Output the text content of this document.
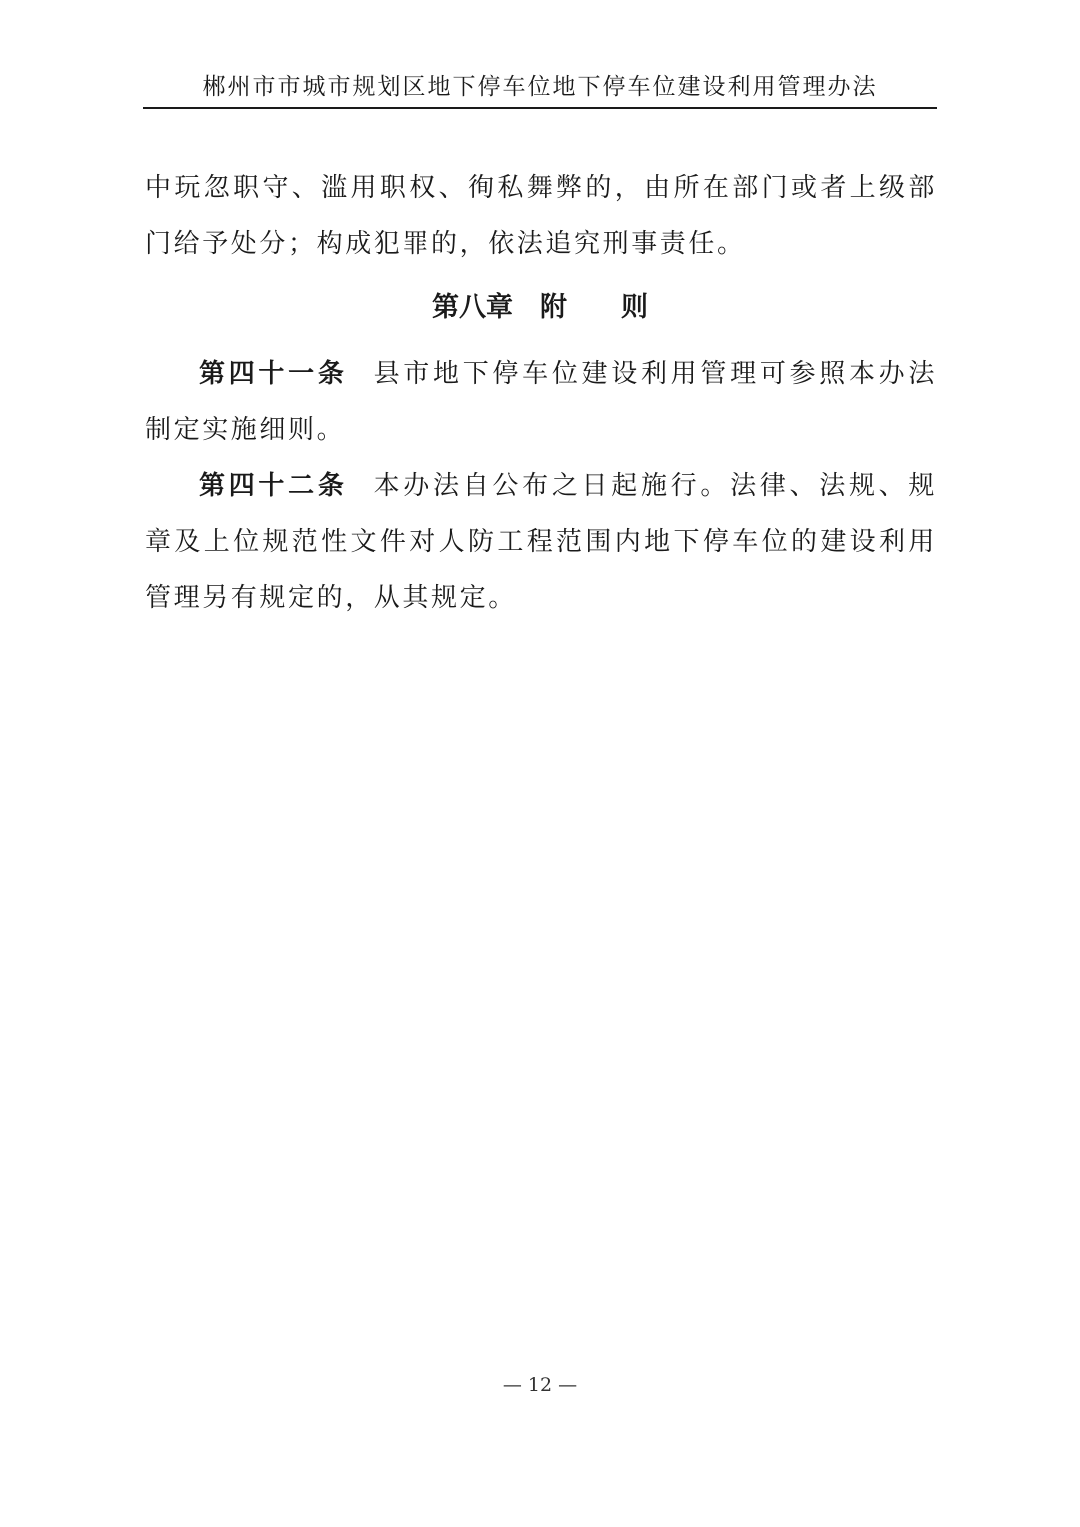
郴州市市城市规划区地下停车位地下停车位建设利用管理办法

中玩忽职守、滥用职权、徇私舞弊的，由所在部门或者上级部门给予处分；构成犯罪的，依法追究刑事责任。

第八章　附　　则

第四十一条 县市地下停车位建设利用管理可参照本办法制定实施细则。

第四十二条 本办法自公布之日起施行。法律、法规、规章及上位规范性文件对人防工程范围内地下停车位的建设利用管理另有规定的，从其规定。

— 12 —
